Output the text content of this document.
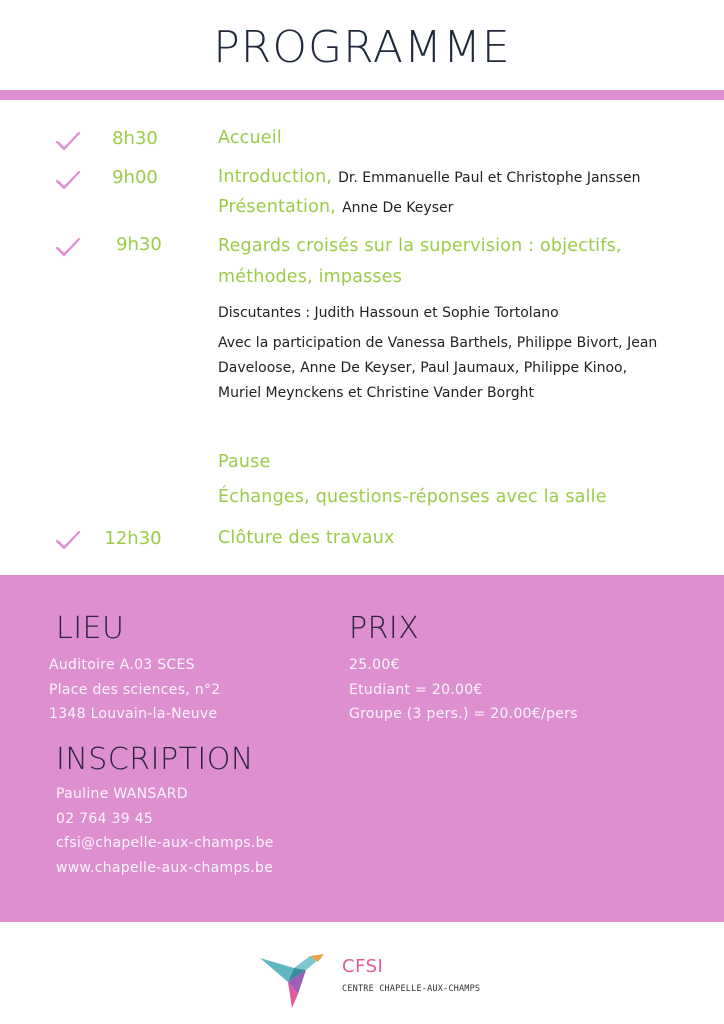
PROGRAMME
8h30	Accueil
9h00	Introduction, Dr. Emmanuelle Paul et Christophe Janssen
Présentation, Anne De Keyser
9h30	Regards croisés sur la supervision : objectifs,
méthodes, impasses
Discutantes : Judith Hassoun et Sophie Tortolano
Avec la participation de Vanessa Barthels, Philippe Bivort, Jean Daveloose, Anne De Keyser, Paul Jaumaux, Philippe Kinoo, Muriel Meynckens et Christine Vander Borght
Pause
Échanges, questions-réponses avec la salle
12h30	Clôture des travaux
LIEU
Auditoire A.03 SCES
Place des sciences, n°2
1348 Louvain-la-Neuve
PRIX
25.00€
Etudiant = 20.00€
Groupe (3 pers.) = 20.00€/pers
INSCRIPTION
Pauline WANSARD
02 764 39 45
cfsi@chapelle-aux-champs.be
www.chapelle-aux-champs.be
CFSI
CENTRE CHAPELLE-AUX-CHAMPS
